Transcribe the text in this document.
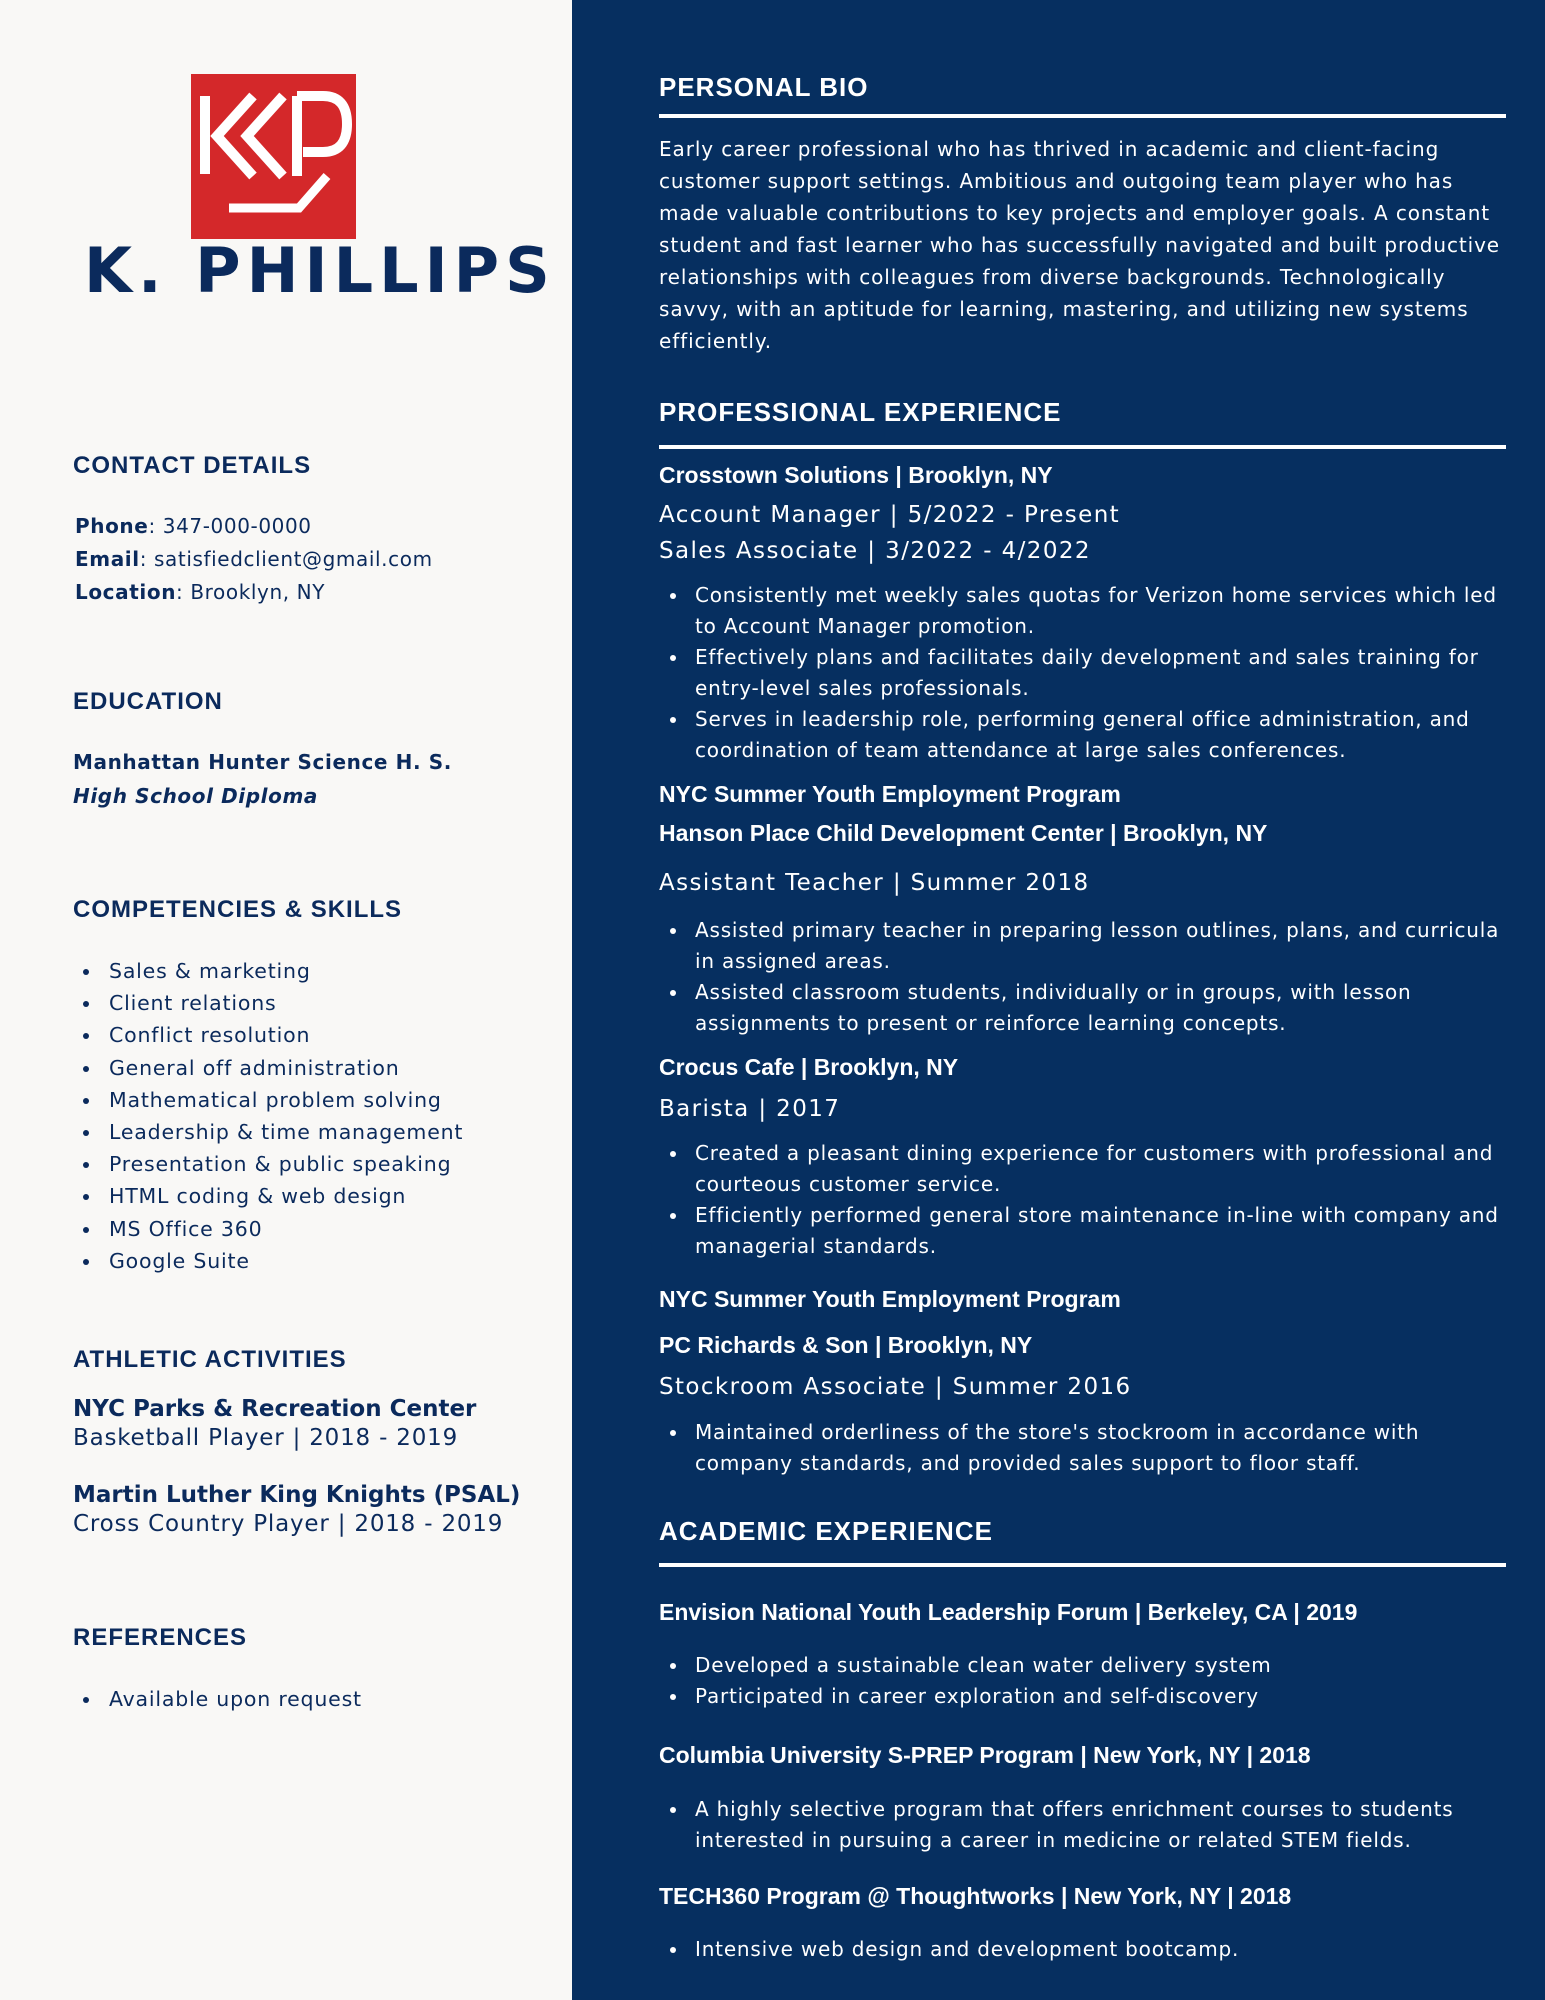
K. PHILLIPS
CONTACT DETAILS
Phone: 347-000-0000
Email: satisfiedclient@gmail.com
Location: Brooklyn, NY
EDUCATION
Manhattan Hunter Science H. S.
High School Diploma
COMPETENCIES & SKILLS
Sales & marketing
Client relations
Conflict resolution
General off administration
Mathematical problem solving
Leadership & time management
Presentation & public speaking
HTML coding & web design
MS Office 360
Google Suite
ATHLETIC ACTIVITIES
NYC Parks & Recreation Center
Basketball Player | 2018 - 2019
Martin Luther King Knights (PSAL)
Cross Country Player | 2018 - 2019
REFERENCES
Available upon request
PERSONAL BIO

Early career professional who has thrived in academic and client-facing customer support settings. Ambitious and outgoing team player who has made valuable contributions to key projects and employer goals. A constant student and fast learner who has successfully navigated and built productive relationships with colleagues from diverse backgrounds. Technologically savvy, with an aptitude for learning, mastering, and utilizing new systems efficiently.

PROFESSIONAL EXPERIENCE
Crosstown Solutions | Brooklyn, NY
Account Manager | 5/2022 - Present
Sales Associate | 3/2022 - 4/2022
Consistently met weekly sales quotas for Verizon home services which led to Account Manager promotion.
Effectively plans and facilitates daily development and sales training for entry-level sales professionals.
Serves in leadership role, performing general office administration, and coordination of team attendance at large sales conferences.
NYC Summer Youth Employment Program
Hanson Place Child Development Center | Brooklyn, NY
Assistant Teacher | Summer 2018
Assisted primary teacher in preparing lesson outlines, plans, and curricula in assigned areas.
Assisted classroom students, individually or in groups, with lesson assignments to present or reinforce learning concepts.
Crocus Cafe | Brooklyn, NY
Barista | 2017
Created a pleasant dining experience for customers with professional and courteous customer service.
Efficiently performed general store maintenance in-line with company and managerial standards.
NYC Summer Youth Employment Program
PC Richards & Son | Brooklyn, NY
Stockroom Associate | Summer 2016
Maintained orderliness of the store's stockroom in accordance with company standards, and provided sales support to floor staff.
ACADEMIC EXPERIENCE
Envision National Youth Leadership Forum | Berkeley, CA | 2019
Developed a sustainable clean water delivery system
Participated in career exploration and self-discovery
Columbia University S-PREP Program | New York, NY | 2018
A highly selective program that offers enrichment courses to students interested in pursuing a career in medicine or related STEM fields.
TECH360 Program @ Thoughtworks | New York, NY | 2018
Intensive web design and development bootcamp.
